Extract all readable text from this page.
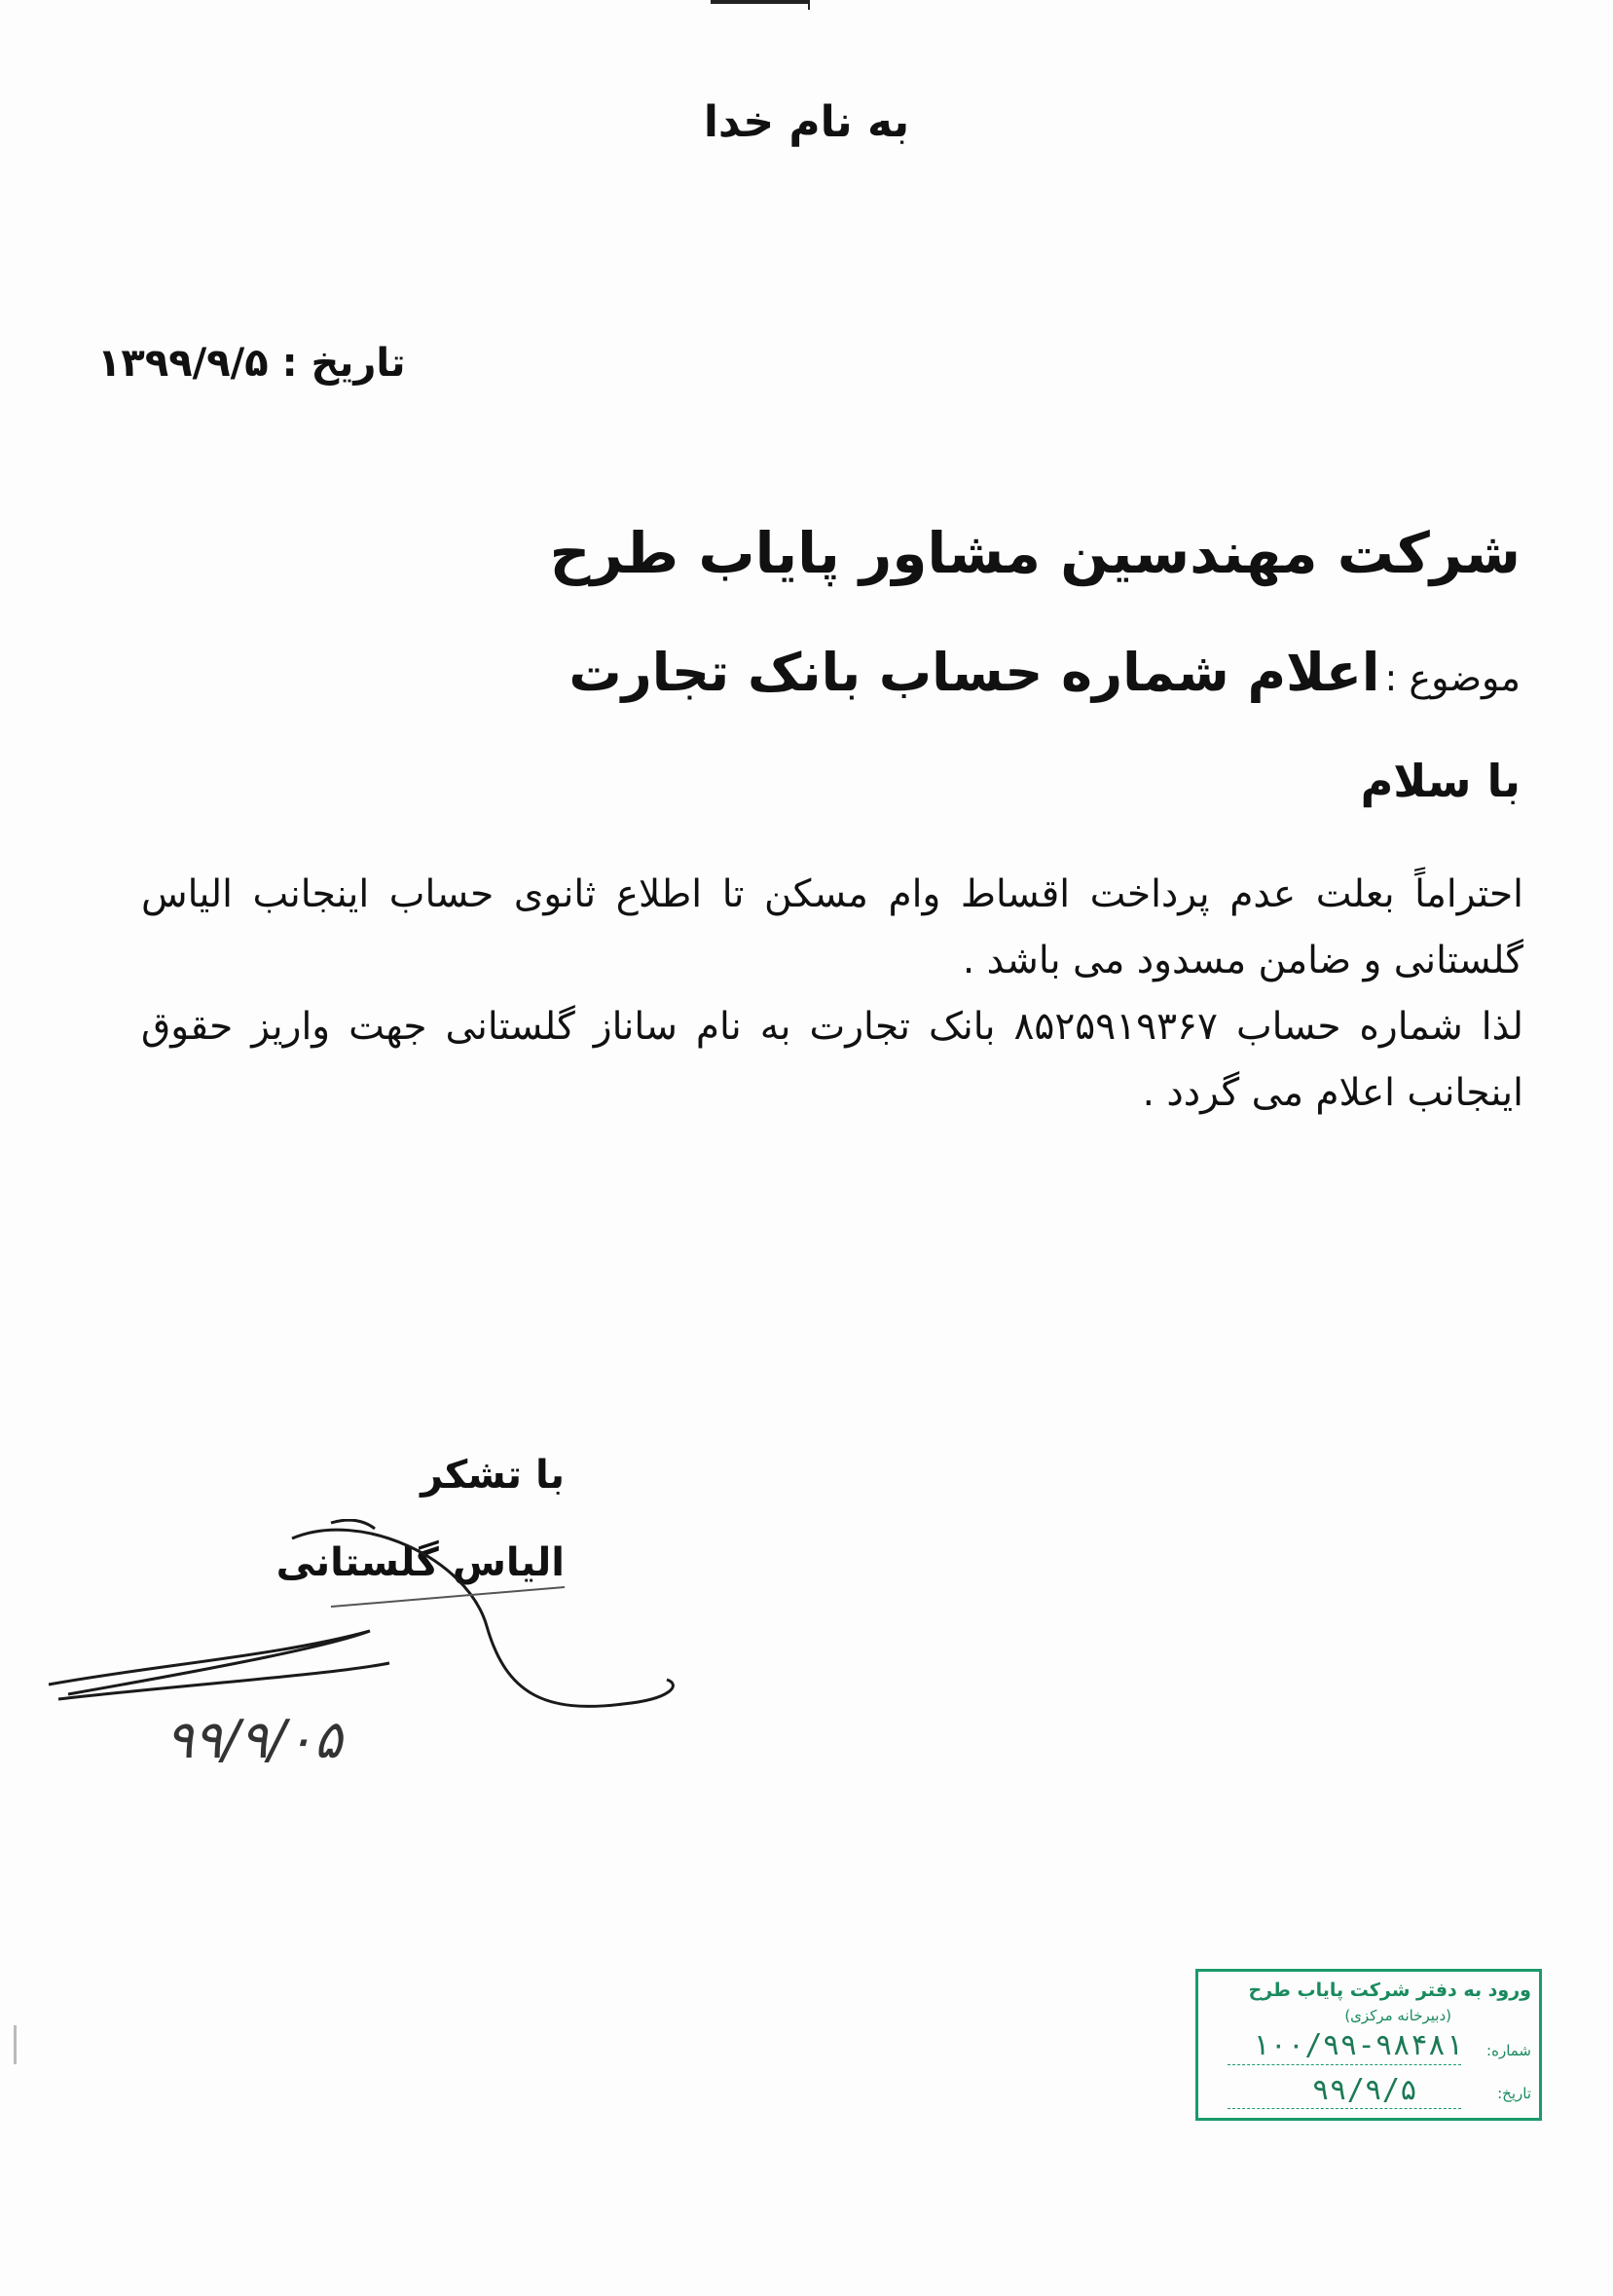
به نام خدا
تاریخ : ۱۳۹۹/۹/۵
شرکت مهندسین مشاور پایاب طرح
موضوع : اعلام شماره حساب بانک تجارت
با سلام

احتراماً بعلت عدم پرداخت اقساط وام مسکن تا اطلاع ثانوی حساب اینجانب الیاس گلستانی و ضامن مسدود می باشد .

لذا شماره حساب ۸۵۲۵۹۱۹۳۶۷ بانک تجارت به نام ساناز گلستانی جهت واریز حقوق اینجانب اعلام می گردد .

با تشکر
الیاس گلستانی
۹۹/۹/۰۵
ورود به دفتر شرکت پایاب طرح
(دبیرخانه مرکزی)
شماره:
۱۰۰/۹۹-۹۸۴۸۱
تاریخ:
۹۹/۹/۵
